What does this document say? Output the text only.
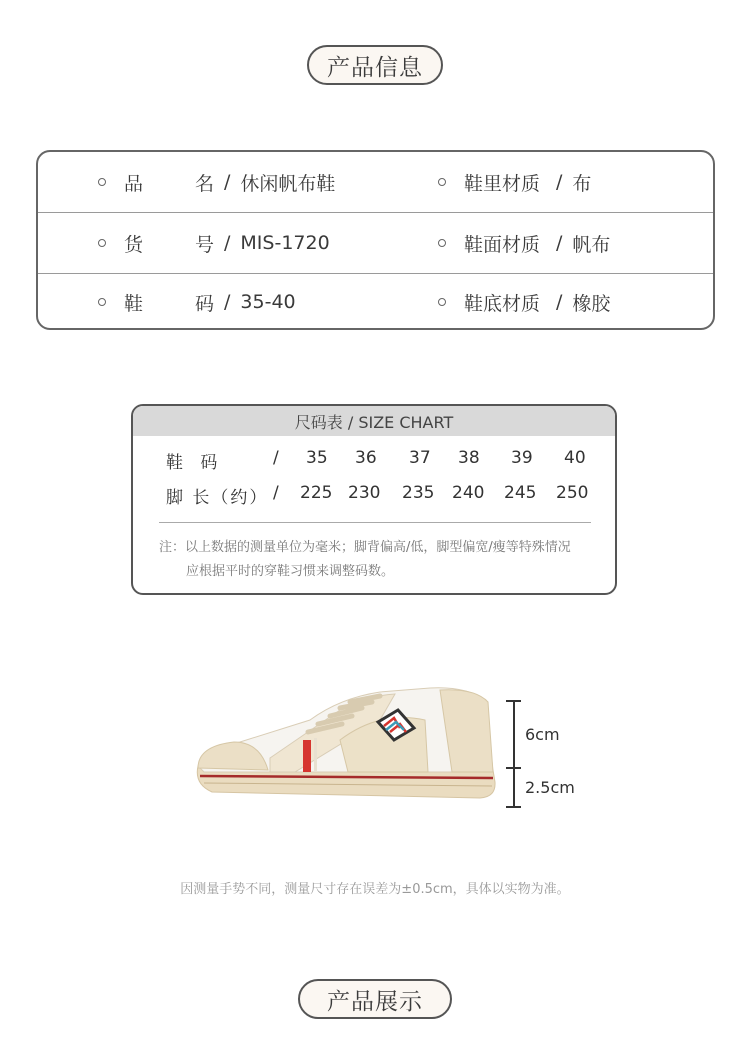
产品信息
品	名 / 休闲帆布鞋	鞋里材质 / 布
货	号 / MIS-1720	鞋面材质 / 帆布
鞋	码 / 35-40	鞋底材质 / 橡胶
尺码表 / SIZE CHART
鞋 码	/ 35 36 37 38 39 40
脚 长（约） / 225 230 235 240 245 250
注：以上数据的测量单位为毫米；脚背偏高/低，脚型偏宽/瘦等特殊情况
应根据平时的穿鞋习惯来调整码数。
6cm
2.5cm
因测量手势不同，测量尺寸存在误差为±0.5cm，具体以实物为准。
产品展示
